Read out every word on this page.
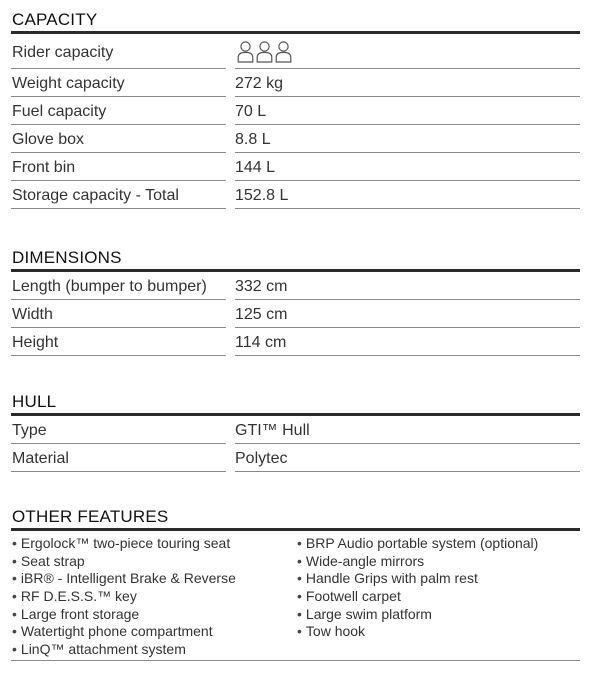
CAPACITY
Rider capacity
Weight capacity	272 kg
Fuel capacity	70 L
Glove box	8.8 L
Front bin	144 L
Storage capacity - Total	152.8 L
DIMENSIONS
Length (bumper to bumper)	332 cm
Width	125 cm
Height	114 cm
HULL
Type	GTI™ Hull
Material	Polytec
OTHER FEATURES
• Ergolock™ two-piece touring seat
• Seat strap
• iBR® - Intelligent Brake & Reverse
• RF D.E.S.S.™ key
• Large front storage
• Watertight phone compartment
• LinQ™ attachment system
• BRP Audio portable system (optional)
• Wide-angle mirrors
• Handle Grips with palm rest
• Footwell carpet
• Large swim platform
• Tow hook
